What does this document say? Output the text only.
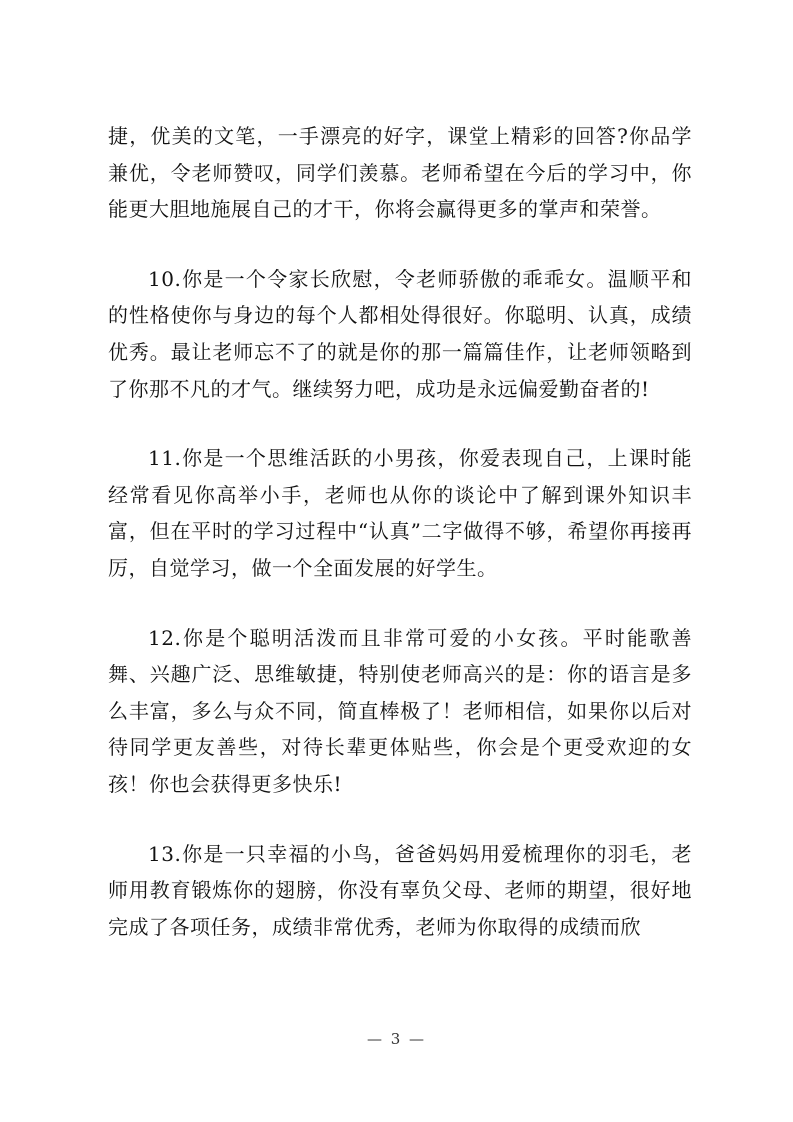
捷，优美的文笔，一手漂亮的好字，课堂上精彩的回答?你品学兼优，令老师赞叹，同学们羡慕。老师希望在今后的学习中，你能更大胆地施展自己的才干，你将会赢得更多的掌声和荣誉。

10.你是一个令家长欣慰，令老师骄傲的乖乖女。温顺平和的性格使你与身边的每个人都相处得很好。你聪明、认真，成绩优秀。最让老师忘不了的就是你的那一篇篇佳作，让老师领略到了你那不凡的才气。继续努力吧，成功是永远偏爱勤奋者的!

11.你是一个思维活跃的小男孩，你爱表现自己，上课时能经常看见你高举小手，老师也从你的谈论中了解到课外知识丰富，但在平时的学习过程中“认真”二字做得不够，希望你再接再厉，自觉学习，做一个全面发展的好学生。

12.你是个聪明活泼而且非常可爱的小女孩。平时能歌善舞、兴趣广泛、思维敏捷，特别使老师高兴的是：你的语言是多么丰富，多么与众不同，简直棒极了！老师相信，如果你以后对待同学更友善些，对待长辈更体贴些，你会是个更受欢迎的女孩！你也会获得更多快乐!

13.你是一只幸福的小鸟，爸爸妈妈用爱梳理你的羽毛，老师用教育锻炼你的翅膀，你没有辜负父母、老师的期望，很好地完成了各项任务，成绩非常优秀，老师为你取得的成绩而欣

— 3 —
